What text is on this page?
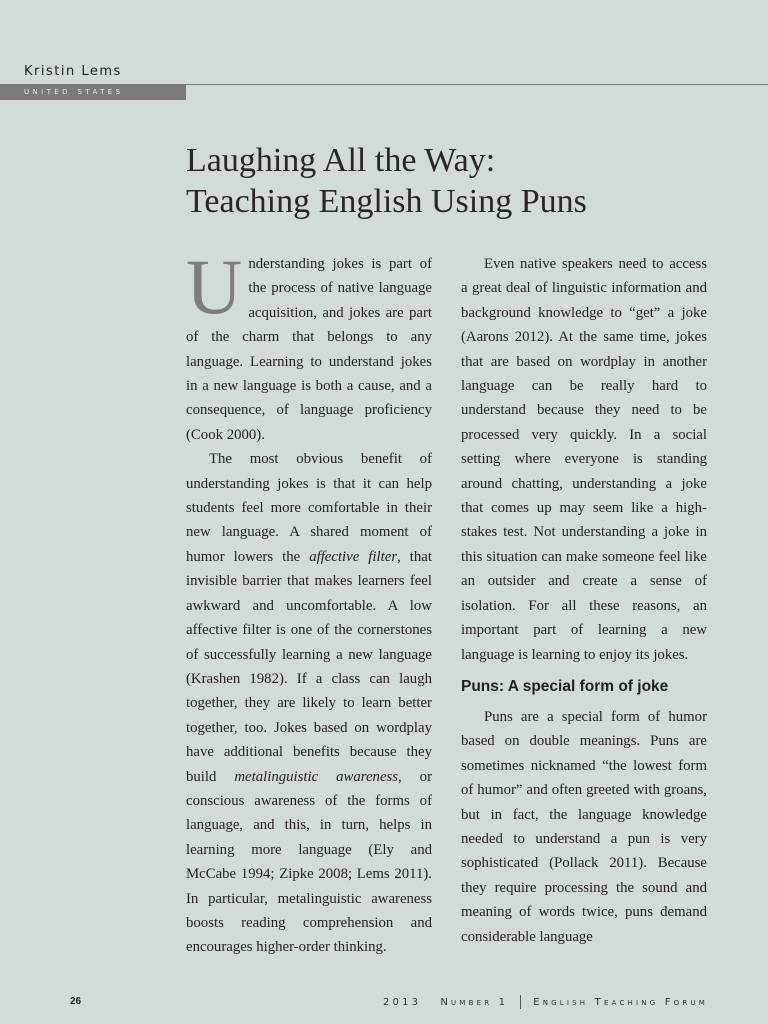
Kristin Lems
united states
Laughing All the Way:
Teaching English Using Puns

Understanding jokes is part of the process of native language acquisition, and jokes are part of the charm that belongs to any language. Learning to understand jokes in a new language is both a cause, and a consequence, of language proficiency (Cook 2000).

The most obvious benefit of understanding jokes is that it can help students feel more comfortable in their new language. A shared moment of humor lowers the affective filter, that invisible barrier that makes learners feel awkward and uncomfortable. A low affective filter is one of the cornerstones of successfully learning a new language (Krashen 1982). If a class can laugh together, they are likely to learn better together, too. Jokes based on wordplay have additional benefits because they build metalinguistic awareness, or conscious awareness of the forms of language, and this, in turn, helps in learning more language (Ely and McCabe 1994; Zipke 2008; Lems 2011). In particular, metalinguistic awareness boosts reading comprehension and encourages higher-order thinking.

Even native speakers need to access a great deal of linguistic information and background knowledge to “get” a joke (Aarons 2012). At the same time, jokes that are based on wordplay in another language can be really hard to understand because they need to be processed very quickly. In a social setting where everyone is standing around chatting, understanding a joke that comes up may seem like a high-stakes test. Not understanding a joke in this situation can make someone feel like an outsider and create a sense of isolation. For all these reasons, an important part of learning a new language is learning to enjoy its jokes.

Puns: A special form of joke

Puns are a special form of humor based on double meanings. Puns are sometimes nicknamed “the lowest form of humor” and often greeted with groans, but in fact, the language knowledge needed to understand a pun is very sophisticated (Pollack 2011). Because they require processing the sound and meaning of words twice, puns demand considerable language

26	2013   Number 1	English Teaching Forum
